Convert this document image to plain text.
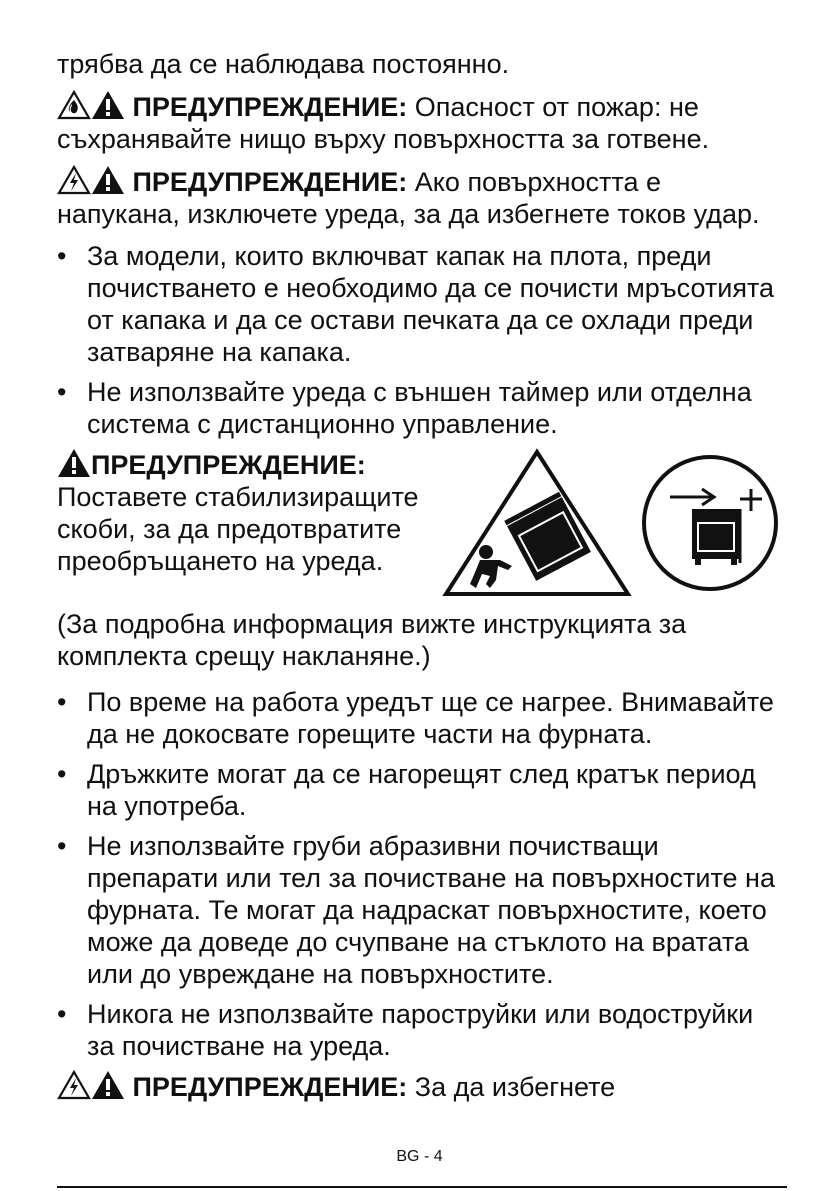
трябва да се наблюдава постоянно.

ПРЕДУПРЕЖДЕНИЕ: Опасност от пожар: не съхранявайте нищо върху повърхността за готвене.

ПРЕДУПРЕЖДЕНИЕ: Ако повърхността е напукана, изключете уреда, за да избегнете токов удар.

• За модели, които включват капак на плота, преди почистването е необходимо да се почисти мръсотията от капака и да се остави печката да се охлади преди затваряне на капака.
• Не използвайте уреда с външен таймер или отделна система с дистанционно управление.
ПРЕДУПРЕЖДЕНИЕ:
Поставете стабилизиращите скоби, за да предотвратите преобръщането на уреда.

(За подробна информация вижте инструкцията за комплекта срещу накланяне.)

• По време на работа уредът ще се нагрее. Внимавайте да не докосвате горещите части на фурната.
• Дръжките могат да се нагорещят след кратък период на употреба.
• Не използвайте груби абразивни почистващи препарати или тел за почистване на повърхностите на фурната. Те могат да надраскат повърхностите, което може да доведе до счупване на стъклото на вратата или до увреждане на повърхностите.
• Никога не използвайте пароструйки или водоструйки за почистване на уреда.

ПРЕДУПРЕЖДЕНИЕ: За да избегнете

BG - 4
